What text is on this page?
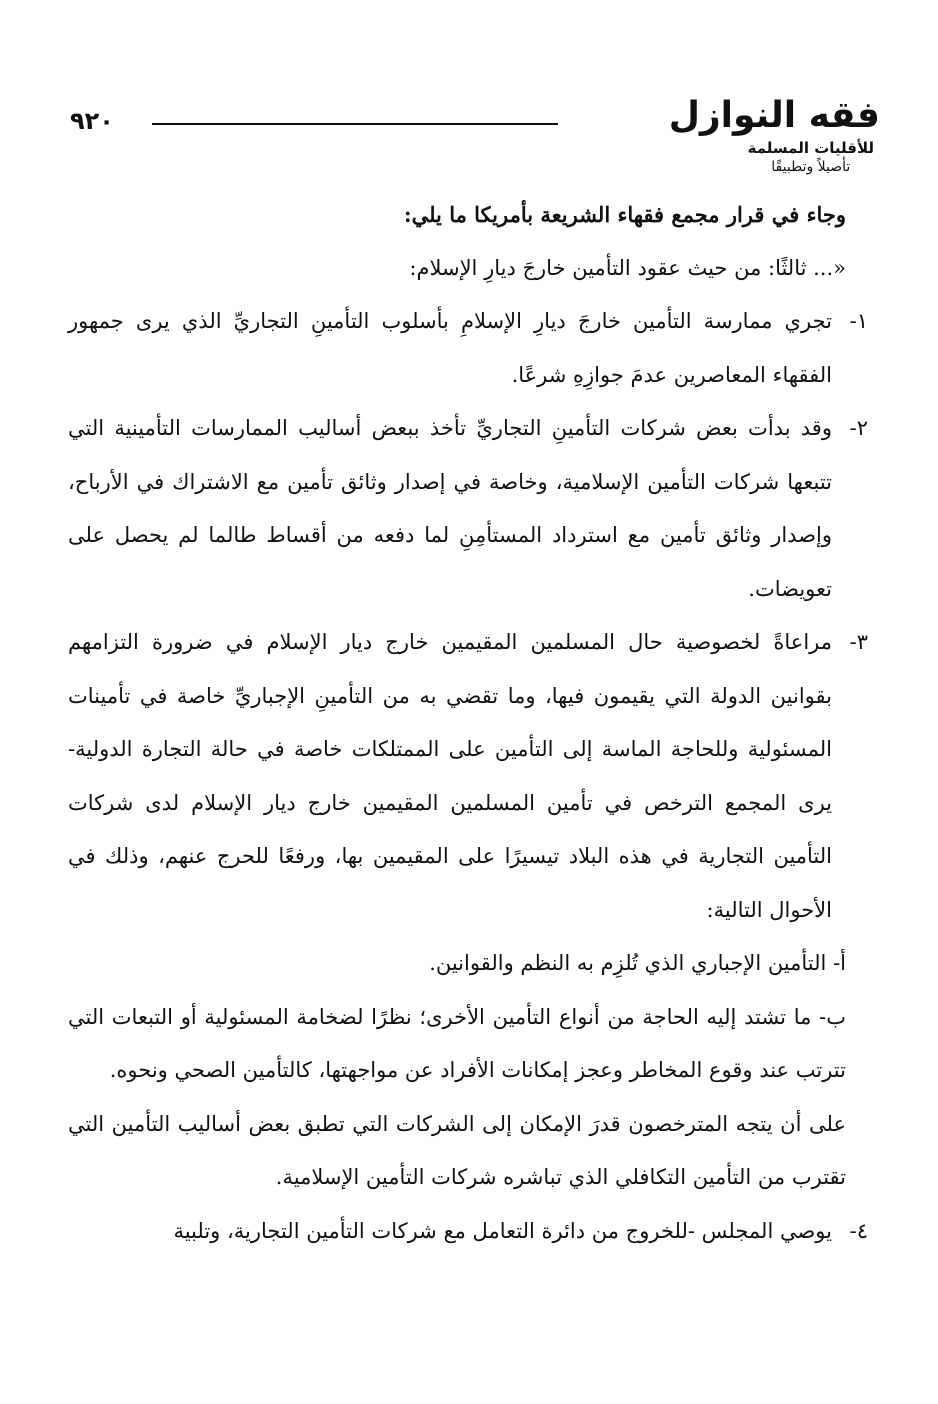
فقه النوازل
للأقليات المسلمة
تأصيلاً وتطبيقًا
٩٢٠

وجاء في قرار مجمع فقهاء الشريعة بأمريكا ما يلي:

«... ثالثًا: من حيث عقود التأمين خارجَ ديارِ الإسلام:

١-
تجري ممارسة التأمين خارجَ ديارِ الإسلامِ بأسلوب التأمينِ التجاريِّ الذي يرى جمهور الفقهاء المعاصرين عدمَ جوازِهِ شرعًا.
٢-
وقد بدأت بعض شركات التأمينِ التجاريِّ تأخذ ببعض أساليب الممارسات التأمينية التي تتبعها شركات التأمين الإسلامية، وخاصة في إصدار وثائق تأمين مع الاشتراك في الأرباح، وإصدار وثائق تأمين مع استرداد المستأمِنِ لما دفعه من أقساط طالما لم يحصل على تعويضات.
٣-
مراعاةً لخصوصية حال المسلمين المقيمين خارج ديار الإسلام في ضرورة التزامهم بقوانين الدولة التي يقيمون فيها، وما تقضي به من التأمينِ الإجباريِّ خاصة في تأمينات المسئولية وللحاجة الماسة إلى التأمين على الممتلكات خاصة في حالة التجارة الدولية- يرى المجمع الترخص في تأمين المسلمين المقيمين خارج ديار الإسلام لدى شركات التأمين التجارية في هذه البلاد تيسيرًا على المقيمين بها، ورفعًا للحرج عنهم، وذلك في الأحوال التالية:

أ- التأمين الإجباري الذي تُلزِم به النظم والقوانين.

ب- ما تشتد إليه الحاجة من أنواع التأمين الأخرى؛ نظرًا لضخامة المسئولية أو التبعات التي تترتب عند وقوع المخاطر وعجز إمكانات الأفراد عن مواجهتها، كالتأمين الصحي ونحوه.

على أن يتجه المترخصون قدرَ الإمكان إلى الشركات التي تطبق بعض أساليب التأمين التي تقترب من التأمين التكافلي الذي تباشره شركات التأمين الإسلامية.

٤-
يوصي المجلس -للخروج من دائرة التعامل مع شركات التأمين التجارية، وتلبية
